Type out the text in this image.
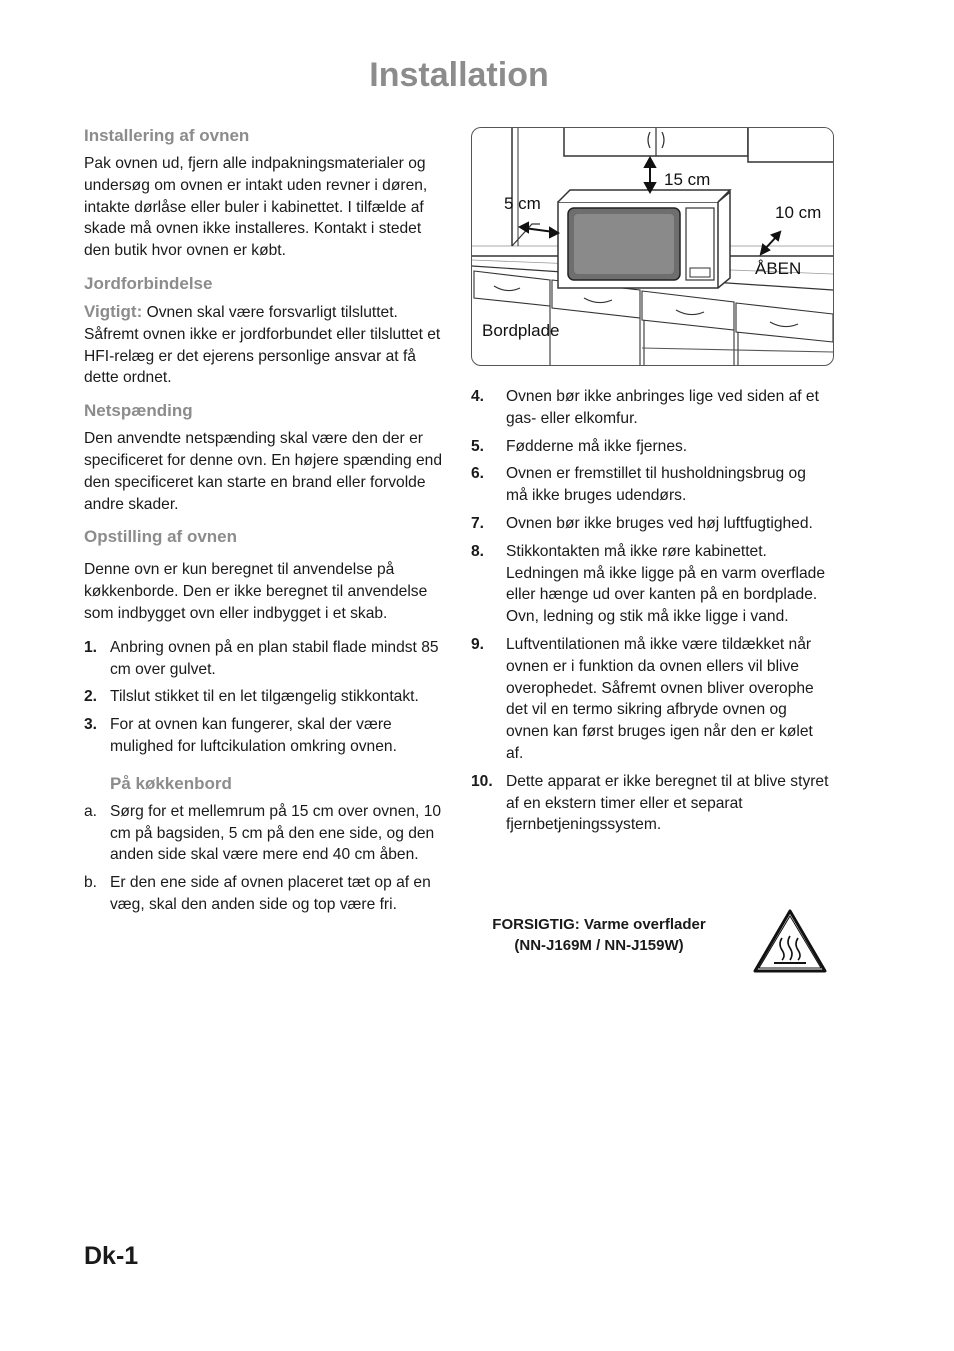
Installation
Installering af ovnen

Pak ovnen ud, fjern alle indpakningsmaterialer og undersøg om ovnen er intakt uden revner i døren, intakte dørlåse eller buler i kabinettet. I tilfælde af skade må ovnen ikke installeres. Kontakt i stedet den butik hvor ovnen er købt.

Jordforbindelse

Vigtigt: Ovnen skal være forsvarligt tilsluttet. Såfremt ovnen ikke er jordforbundet eller tilsluttet et HFI-relæg er det ejerens personlige ansvar at få dette ordnet.

Netspænding

Den anvendte netspænding skal være den der er specificeret for denne ovn. En højere spænding end den specificeret kan starte en brand eller forvolde andre skader.

Opstilling af ovnen

Denne ovn er kun beregnet til anvendelse på køkkenborde. Den er ikke beregnet til anvendelse som indbygget ovn eller indbygget i et skab.

1. Anbring ovnen på en plan stabil flade mindst 85 cm over gulvet.
2. Tilslut stikket til en let tilgængelig stikkontakt.
3. For at ovnen kan fungerer, skal der være mulighed for luftcikulation omkring ovnen.
På køkkenbord
a. Sørg for et mellemrum på 15 cm over ovnen, 10 cm på bagsiden, 5 cm på den ene side, og den anden side skal være mere end 40 cm åben.
b. Er den ene side af ovnen placeret tæt op af en væg, skal den anden side og top være fri.
15 cm
5 cm	10 cm
ÅBEN
Bordplade
4.	Ovnen bør ikke anbringes lige ved siden af et gas- eller elkomfur.
5.	Fødderne må ikke fjernes.
6.	Ovnen er fremstillet til husholdningsbrug og må ikke bruges udendørs.
7.	Ovnen bør ikke bruges ved høj luftfugtighed.
8.	Stikkontakten må ikke røre kabinettet. Ledningen må ikke ligge på en varm overflade eller hænge ud over kanten på en bordplade. Ovn, ledning og stik må ikke ligge i vand.
9.	Luftventilationen må ikke være tildækket når ovnen er i funktion da ovnen ellers vil blive overophedet. Såfremt ovnen bliver overophe det vil en termo sikring afbryde ovnen og ovnen kan først bruges igen når den er kølet af.
10. Dette apparat er ikke beregnet til at blive styret af en ekstern timer eller et separat fjernbetjeningssystem.
FORSIGTIG: Varme overflader
(NN-J169M / NN-J159W)
Dk-1
